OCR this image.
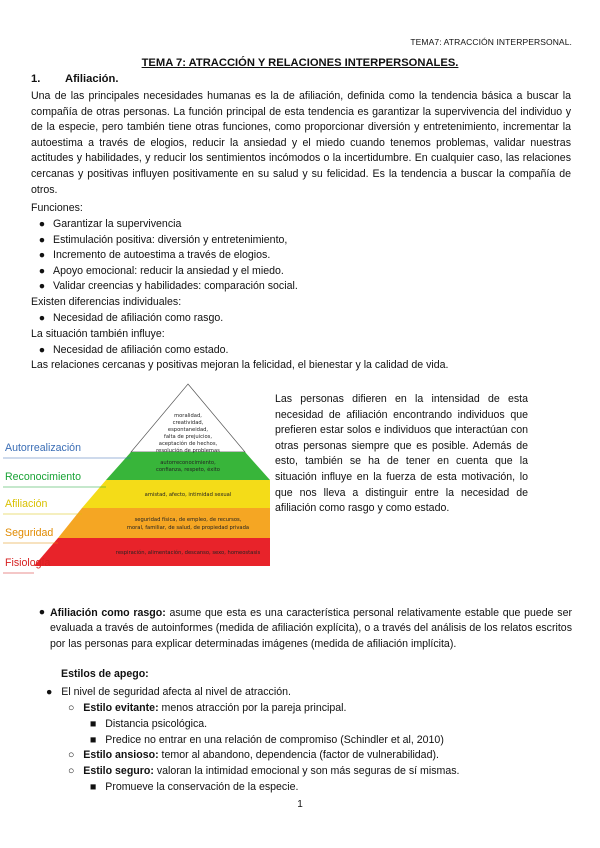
TEMA7: ATRACCIÓN INTERPERSONAL.
TEMA 7: ATRACCIÓN Y RELACIONES INTERPERSONALES.
1. Afiliación.

Una de las principales necesidades humanas es la de afiliación, definida como la tendencia básica a buscar la compañía de otras personas. La función principal de esta tendencia es garantizar la supervivencia del individuo y de la especie, pero también tiene otras funciones, como proporcionar diversión y entretenimiento, incrementar la autoestima a través de elogios, reducir la ansiedad y el miedo cuando tenemos problemas, validar nuestras actitudes y habilidades, y reducir los sentimientos incómodos o la incertidumbre. En cualquier caso, las relaciones cercanas y positivas influyen positivamente en su salud y su felicidad. Es la tendencia a buscar la compañía de otros.

Funciones:
● Garantizar la supervivencia
● Estimulación positiva: diversión y entretenimiento,
● Incremento de autoestima a través de elogios.
● Apoyo emocional: reducir la ansiedad y el miedo.
● Validar creencias y habilidades: comparación social.
Existen diferencias individuales:
● Necesidad de afiliación como rasgo.
La situación también influye:
● Necesidad de afiliación como estado.
Las relaciones cercanas y positivas mejoran la felicidad, el bienestar y la calidad de vida.
moralidad,
creatividad,
espontaneidad,
falta de prejuicios,
aceptación de hechos,
resolución de problemas
autorreconocimiento,
confianza, respeto, éxito
amistad, afecto, intimidad sexual
seguridad física, de empleo, de recursos,
moral, familiar, de salud, de propiedad privada
respiración, alimentación, descanso, sexo, homeostasis
Autorrealización
Reconocimiento
Afiliación
Seguridad
Fisiología

Las personas difieren en la intensidad de esta necesidad de afiliación encontrando individuos que prefieren estar solos e individuos que interactúan con otras personas siempre que es posible. Además de esto, también se ha de tener en cuenta que la situación influye en la fuerza de esta motivación, lo que nos lleva a distinguir entre la necesidad de afiliación como rasgo y como estado.

● Afiliación como rasgo: asume que esta es una característica personal relativamente estable que puede ser evaluada a través de autoinformes (medida de afiliación explícita), o a través del análisis de los relatos escritos por las personas para explicar determinadas imágenes (medida de afiliación implícita).

Estilos de apego:
● El nivel de seguridad afecta al nivel de atracción.
○ Estilo evitante: menos atracción por la pareja principal.
■ Distancia psicológica.
■ Predice no entrar en una relación de compromiso (Schindler et al, 2010)
○ Estilo ansioso: temor al abandono, dependencia (factor de vulnerabilidad).
○ Estilo seguro: valoran la intimidad emocional y son más seguras de sí mismas.
■ Promueve la conservación de la especie.
1
